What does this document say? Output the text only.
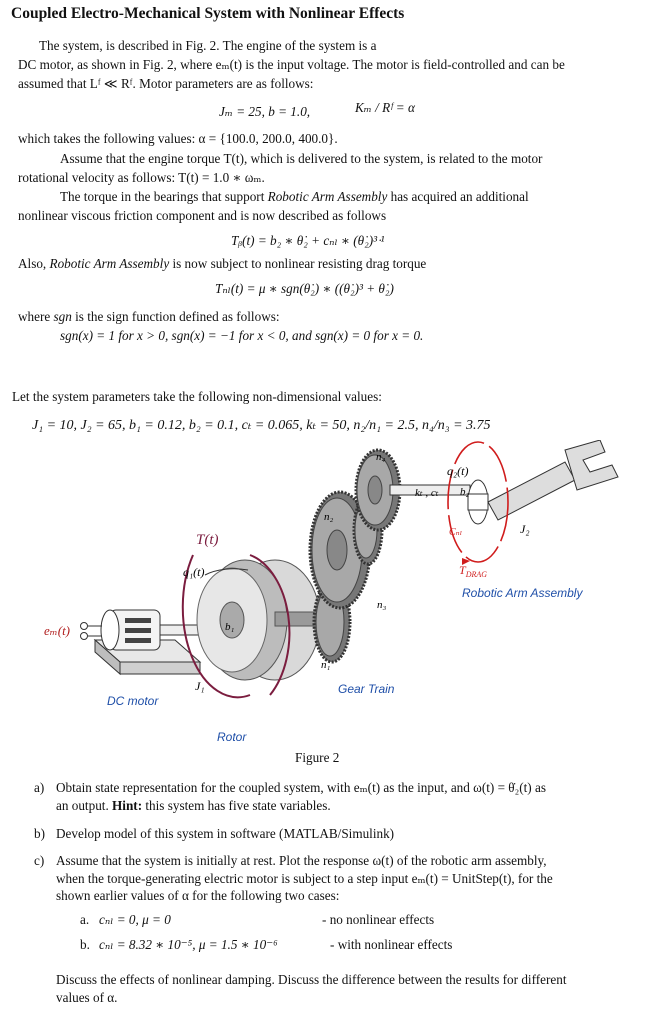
Coupled Electro-Mechanical System with Nonlinear Effects
The system, is described in Fig. 2. The engine of the system is a
DC motor, as shown in Fig. 2, where eₘ(t) is the input voltage. The motor is field-controlled and can be
assumed that Lᶠ ≪ Rᶠ. Motor parameters are as follows:
Jₘ = 25, b = 1.0,	Kₘ / Rᶠ = α
which takes the following values: α = {100.0, 200.0, 400.0}.
Assume that the engine torque T(t), which is delivered to the system, is related to the motor
rotational velocity as follows: T(t) = 1.0 ∗ ωₘ.
The torque in the bearings that support Robotic Arm Assembly has acquired an additional
nonlinear viscous friction component and is now described as follows
Tᵦ(t) = b₂ ∗ θ̇₂ + cₙₗ ∗ (θ̇₂)³ᐧ¹
Also, Robotic Arm Assembly is now subject to nonlinear resisting drag torque
Tₙₗ(t) = μ ∗ sgn(θ̇₂) ∗ ((θ̇₂)³ + θ̇₂)
where sgn is the sign function defined as follows:
sgn(x) = 1 for x > 0, sgn(x) = −1 for x < 0, and sgn(x) = 0 for x = 0.
Let the system parameters take the following non-dimensional values:
J₁ = 10, J₂ = 65, b₁ = 0.12, b₂ = 0.1, cₜ = 0.065, kₜ = 50, n₂/n₁ = 2.5, n₄/n₃ = 3.75
T(t)
q₁(t)
eₘ(t)	b₁
J₁
DC motor
Rotor
Gear Train
n₁
n₂
n₃
n₄
q₂(t)
kₜ , cₜ b₂
Cₙₗ	J₂
$T_{DRAG}$
Robotic Arm Assembly
Figure 2
a) Obtain state representation for the coupled system, with eₘ(t) as the input, and ω(t) = θ̇₂(t) as
an output. Hint: this system has five state variables.
b) Develop model of this system in software (MATLAB/Simulink)
c) Assume that the system is initially at rest. Plot the response ω(t) of the robotic arm assembly,
when the torque-generating electric motor is subject to a step input eₘ(t) = UnitStep(t), for the
shown earlier values of α for the following two cases:
a. cₙₗ = 0, μ = 0	- no nonlinear effects
b. cₙₗ = 8.32 ∗ 10⁻⁵, μ = 1.5 ∗ 10⁻⁶	- with nonlinear effects
Discuss the effects of nonlinear damping. Discuss the difference between the results for different
values of α.
